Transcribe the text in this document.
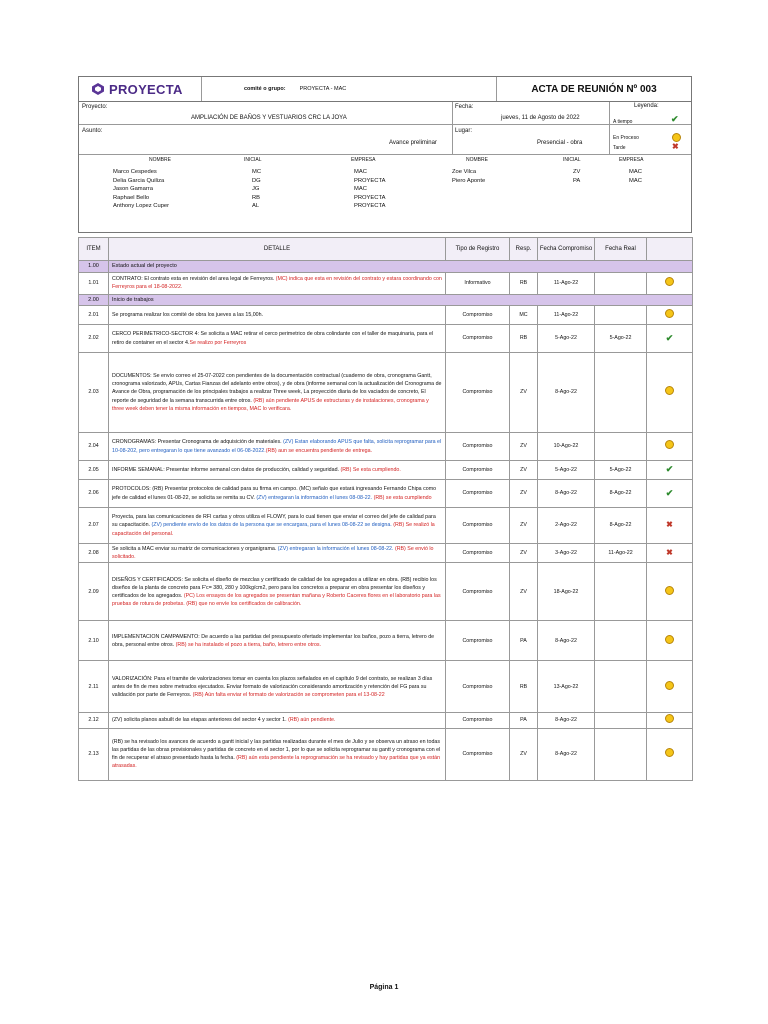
PROYECTA	comité o grupo:	PROYECTA - MAC	ACTA DE REUNIÓN Nº 003
Proyecto:
AMPLIACIÓN DE BAÑOS Y VESTUARIOS CRC LA JOYA
Fecha:
jueves, 11 de Agosto de 2022
Asunto:
Avance preliminar
Lugar:
Presencial - obra
Leyenda:
A tiempo	✔
En Proceso
Tarde	✖
NOMBRE	INICIAL	EMPRESA	NOMBRE	INICIAL	EMPRESA
Marco Cespedes	MC	MAC
Delia Garcia Quiliza	DG	PROYECTA
Jason Gamarra	JG	MAC
Raphael Bello	RB	PROYECTA
Anthony Lopez Cuper	AL	PROYECTA
Zoe Vilca	ZV	MAC
Piero Aponte	PA	MAC
ITEM	DETALLE	Tipo de Registro	Resp.	Fecha Compromiso	Fecha Real	
1.00	Estado actual del proyecto					
1.01	CONTRATO: El contrato esta en revisión del area legal de Ferreyros. (MC) indica que esta en revisión del contrato y estara coordinando con Ferreyros para el 18-08-2022.	Informativo	RB	11-Ago-22		
2.00	Inicio de trabajos					
2.01	Se programa realizar los comité de obra los jueves a las 15,00h.	Compromiso	MC	11-Ago-22		
2.02	CERCO PERIMETRICO-SECTOR 4: Se solicita a MAC retirar el cerco perimetrico de obra colindante con el taller de maquinaria, para el retiro de container en el sector 4.Se realizo por Ferreyros	Compromiso	RB	5-Ago-22	5-Ago-22	✔
2.03	DOCUMENTOS: Se envío correo el 25-07-2022 con pendientes de la documentación contractual (cuaderno de obra, cronograma Gantt, cronograma valorizado, APUs, Cartas Fianzas del adelanto entre otros), y de obra (informe semanal con la actualización del Cronograma de Avance de Obra, programación de los principales trabajos a realizar Three week, La proyección diaria de los vaciados de concreto, El reporte de seguridad de la semana transcurrida entre otros. (RB) aún pendiente APUS de estructuras y de instalaciones, cronograma y three week deben tener la misma información en tiempos, MAC lo verificara.	Compromiso	ZV	8-Ago-22		
2.04	CRONOGRAMAS: Presentar Cronograma de adquisición de materiales. (ZV) Estan elaborando APUS que falta, solicita reprogramar para el 10-08-202, pero entregaran lo que tiene avanzado el 06-08-2022.(RB) aun se encuentra pendiente de entrega.	Compromiso	ZV	10-Ago-22		
2.05	INFORME SEMANAL: Presentar informe semanal con datos de producción, calidad y seguridad. (RB) Se esta cumpliendo.	Compromiso	ZV	5-Ago-22	5-Ago-22	✔
2.06	PROTOCOLOS: (RB) Presentar protocolos de calidad para su firma en campo. (MC) señalo que estará ingresando Fernando Chipa como jefe de calidad el lunes 01-08-22, se solicita se remita su CV. (ZV) entregaran la información el lunes 08-08-22. (RB) se esta cumpliendo	Compromiso	ZV	8-Ago-22	8-Ago-22	✔
2.07	Proyecta, para las comunicaciones de RFI cartas y otros utiliza el FLOWY, para lo cual tienen que enviar el correo del jefe de calidad para su capacitación. (ZV) pendiente envío de los datos de la persona que se encargara, para el lunes 08-08-22 se designa. (RB) Se realizó la capacitación del personal.	Compromiso	ZV	2-Ago-22	8-Ago-22	✖
2.08	Se solicita a MAC enviar su matriz de comunicaciones y organigrama. (ZV) entregaran la información el lunes 08-08-22. (RB) Se envió lo solicitado.	Compromiso	ZV	3-Ago-22	11-Ago-22	✖
2.09	DISEÑOS Y CERTIFICADOS: Se solicita el diseño de mezclas y certificado de calidad de los agregados a utilizar en obra. (RB) recibio los diseños de la planta de concreto para F'c= 380, 280 y 100kg/cm2, pero para los concretos a preparar en obra presentar los diseños y certificados de los agregados. (PC) Los ensayos de los agregados se presentan mañana y Roberto Caceres flores en el laboratorio para las pruebas de rotura de probetas. (RB) que no envíe los certificados de calibración.	Compromiso	ZV	18-Ago-22		
2.10	IMPLEMENTACION CAMPAMENTO: De acuerdo a las partidas del presupuesto ofertado implementar los baños, pozo a tierra, letrero de obra, personal entre otros. (RB) se ha instalado el pozo a tierra, baño, letrero entre otros.	Compromiso	PA	8-Ago-22		
2.11	VALORIZACIÓN: Para el tramite de valorizaciones tomar en cuenta los plazos señalados en el capítulo 9 del contrato, se realizan 3 días antes de fin de mes sobre metrados ejecutados. Enviar formato de valorización considerando amortización y retención del FG para su validación por parte de Ferreyros. (RB) Aún falta enviar el formato de valorización se comprometen para el 13-08-22	Compromiso	RB	13-Ago-22		
2.12	(ZV) solicita planos asbuilt de las etapas anteriores del sector 4 y sector 1. (RB) aún pendiente.	Compromiso	PA	8-Ago-22		
2.13	(RB) se ha revisado los avances de acuerdo a gantt inicial y las partidas realizadas durante el mes de Julio y se observa un atraso en todas las partidas de las obras provisionales y partidas de concreto en el sector 1, por lo que se solicita reprogramar su gantt y cronograma con el fin de recuperar el atraso presentado hasta la fecha. (RB) aún esta pendiente la reprogramación se ha revisado y hay partidas que ya están atrasadas.	Compromiso	ZV	8-Ago-22		
Página 1
